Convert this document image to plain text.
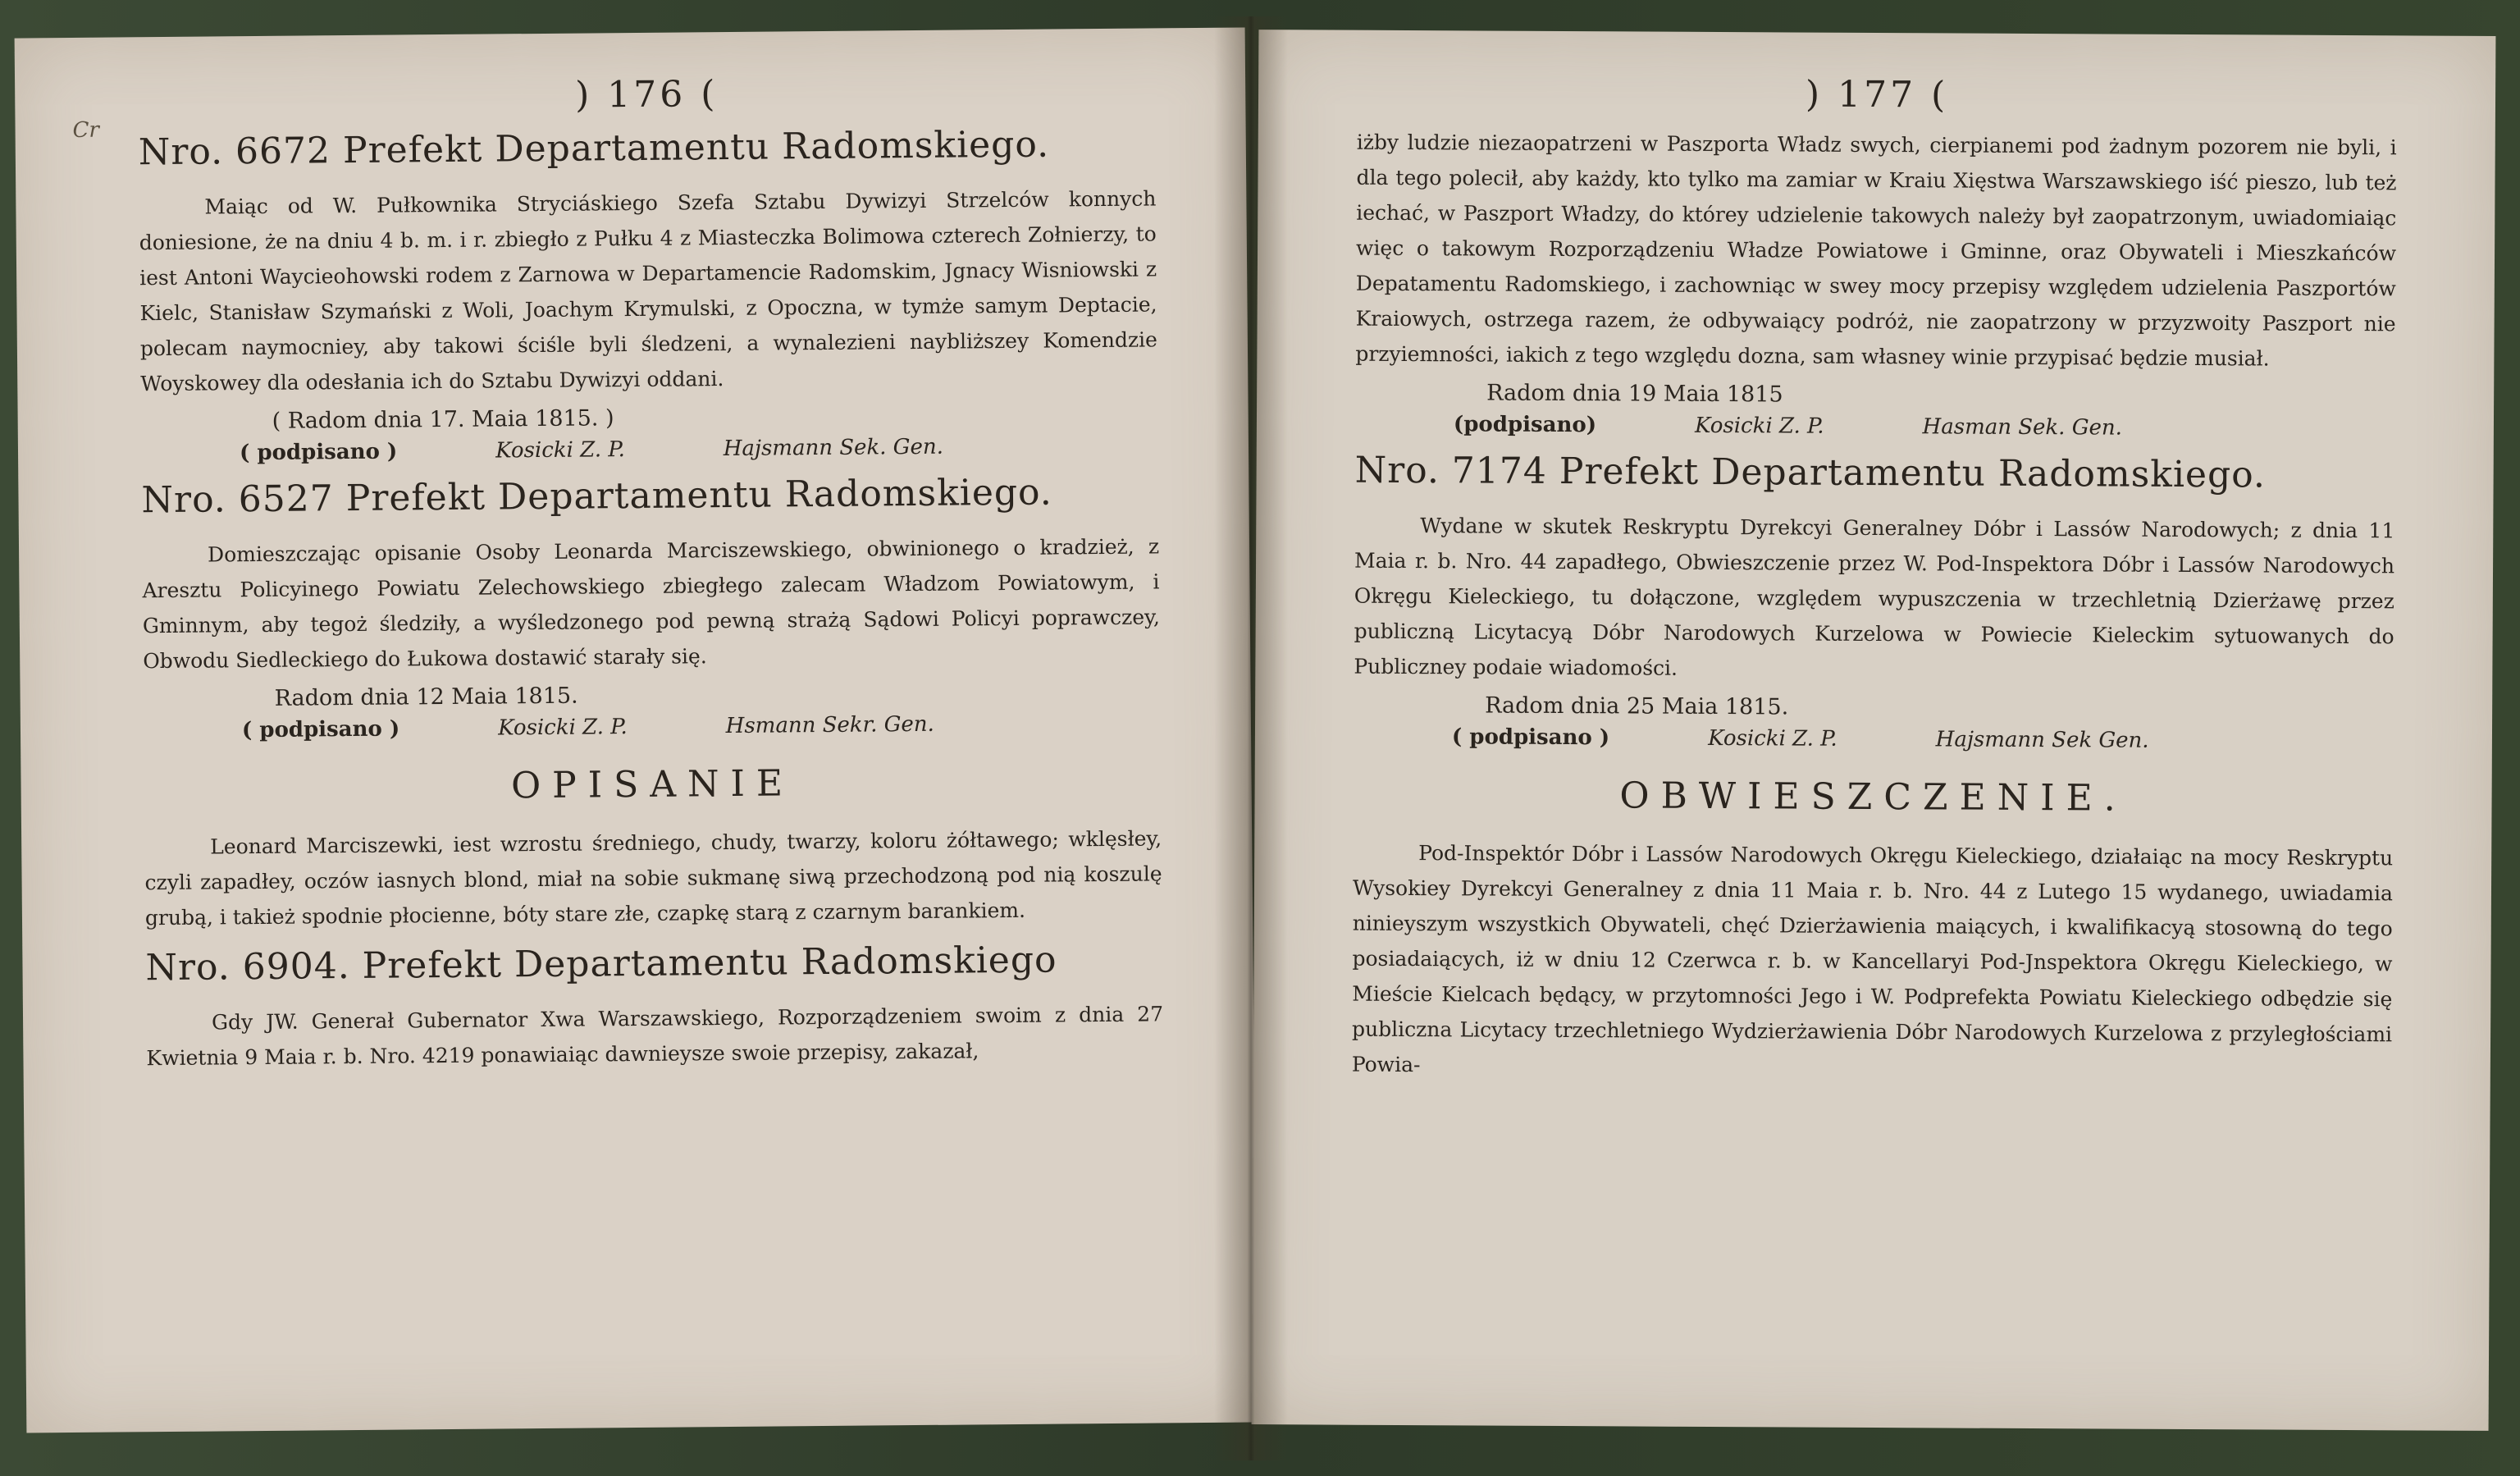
Cr
) 176 (
Nro. 6672 Prefekt Departamentu Radomskiego.

Maiąc od W. Pułkownika Stryciáskiego Szefa Sztabu Dywizyi Strzelców konnych doniesione, że na dniu 4 b. m. i r. zbiegło z Pułku 4 z Miasteczka Bolimowa czterech Zołnierzy, to iest Antoni Waycieohowski rodem z Zarnowa w Departamencie Radomskim, Jgnacy Wisniowski z Kielc, Stanisław Szymański z Woli, Joachym Krymulski, z Opoczna, w tymże samym Deptacie, polecam naymocniey, aby takowi ściśle byli śledzeni, a wynalezieni naybliższey Komendzie Woyskowey dla odesłania ich do Sztabu Dywizyi oddani.

( Radom dnia 17. Maia 1815. )
( podpisano )	Kosicki Z. P.	Hajsmann Sek. Gen.
Nro. 6527 Prefekt Departamentu Radomskiego.

Domieszczając opisanie Osoby Leonarda Marciszewskiego, obwinionego o kradzież, z Aresztu Policyinego Powiatu Zelechowskiego zbiegłego zalecam Władzom Powiatowym, i Gminnym, aby tegoż śledziły, a wyśledzonego pod pewną strażą Sądowi Policyi poprawczey, Obwodu Siedleckiego do Łukowa dostawić starały się.

Radom dnia 12 Maia 1815.
( podpisano )	Kosicki Z. P.	Hsmann Sekr. Gen.
OPISANIE

Leonard Marciszewki, iest wzrostu średniego, chudy, twarzy, koloru żółtawego; wklęsłey, czyli zapadłey, oczów iasnych blond, miał na sobie sukmanę siwą przechodzoną pod nią koszulę grubą, i takież spodnie płocienne, bóty stare złe, czapkę starą z czarnym barankiem.

Nro. 6904. Prefekt Departamentu Radomskiego

Gdy JW. Generał Gubernator Xwa Warszawskiego, Rozporządzeniem swoim z dnia 27 Kwietnia 9 Maia r. b. Nro. 4219 ponawiaiąc dawnieysze swoie przepisy, zakazał,

) 177 (

iżby ludzie niezaopatrzeni w Paszporta Władz swych, cierpianemi pod żadnym pozorem nie byli, i dla tego polecił, aby każdy, kto tylko ma zamiar w Kraiu Xięstwa Warszawskiego iść pieszo, lub też iechać, w Paszport Władzy, do którey udzielenie takowych należy był zaopatrzonym, uwiadomiaiąc więc o takowym Rozporządzeniu Władze Powiatowe i Gminne, oraz Obywateli i Mieszkańców Depatamentu Radomskiego, i zachowniąc w swey mocy przepisy względem udzielenia Paszportów Kraiowych, ostrzega razem, że odbywaiący podróż, nie zaopatrzony w przyzwoity Paszport nie przyiemności, iakich z tego względu dozna, sam własney winie przypisać będzie musiał.

Radom dnia 19 Maia 1815
(podpisano)	Kosicki Z. P.	Hasman Sek. Gen.
Nro. 7174 Prefekt Departamentu Radomskiego.

Wydane w skutek Reskryptu Dyrekcyi Generalney Dóbr i Lassów Narodowych; z dnia 11 Maia r. b. Nro. 44 zapadłego, Obwieszczenie przez W. Pod-Inspektora Dóbr i Lassów Narodowych Okręgu Kieleckiego, tu dołączone, względem wypuszczenia w trzechletnią Dzierżawę przez publiczną Licytacyą Dóbr Narodowych Kurzelowa w Powiecie Kieleckim sytuowanych do Publiczney podaie wiadomości.

Radom dnia 25 Maia 1815.
( podpisano )	Kosicki Z. P.	Hajsmann Sek Gen.
OBWIESZCZENIE.

Pod-Inspektór Dóbr i Lassów Narodowych Okręgu Kieleckiego, działaiąc na mocy Reskryptu Wysokiey Dyrekcyi Generalney z dnia 11 Maia r. b. Nro. 44 z Lutego 15 wydanego, uwiadamia ninieyszym wszystkich Obywateli, chęć Dzierżawienia maiących, i kwalifikacyą stosowną do tego posiadaiących, iż w dniu 12 Czerwca r. b. w Kancellaryi Pod-Jnspektora Okręgu Kieleckiego, w Mieście Kielcach będący, w przytomności Jego i W. Podprefekta Powiatu Kieleckiego odbędzie się publiczna Licytacy trzechletniego Wydzierżawienia Dóbr Narodowych Kurzelowa z przyległościami Powia-
